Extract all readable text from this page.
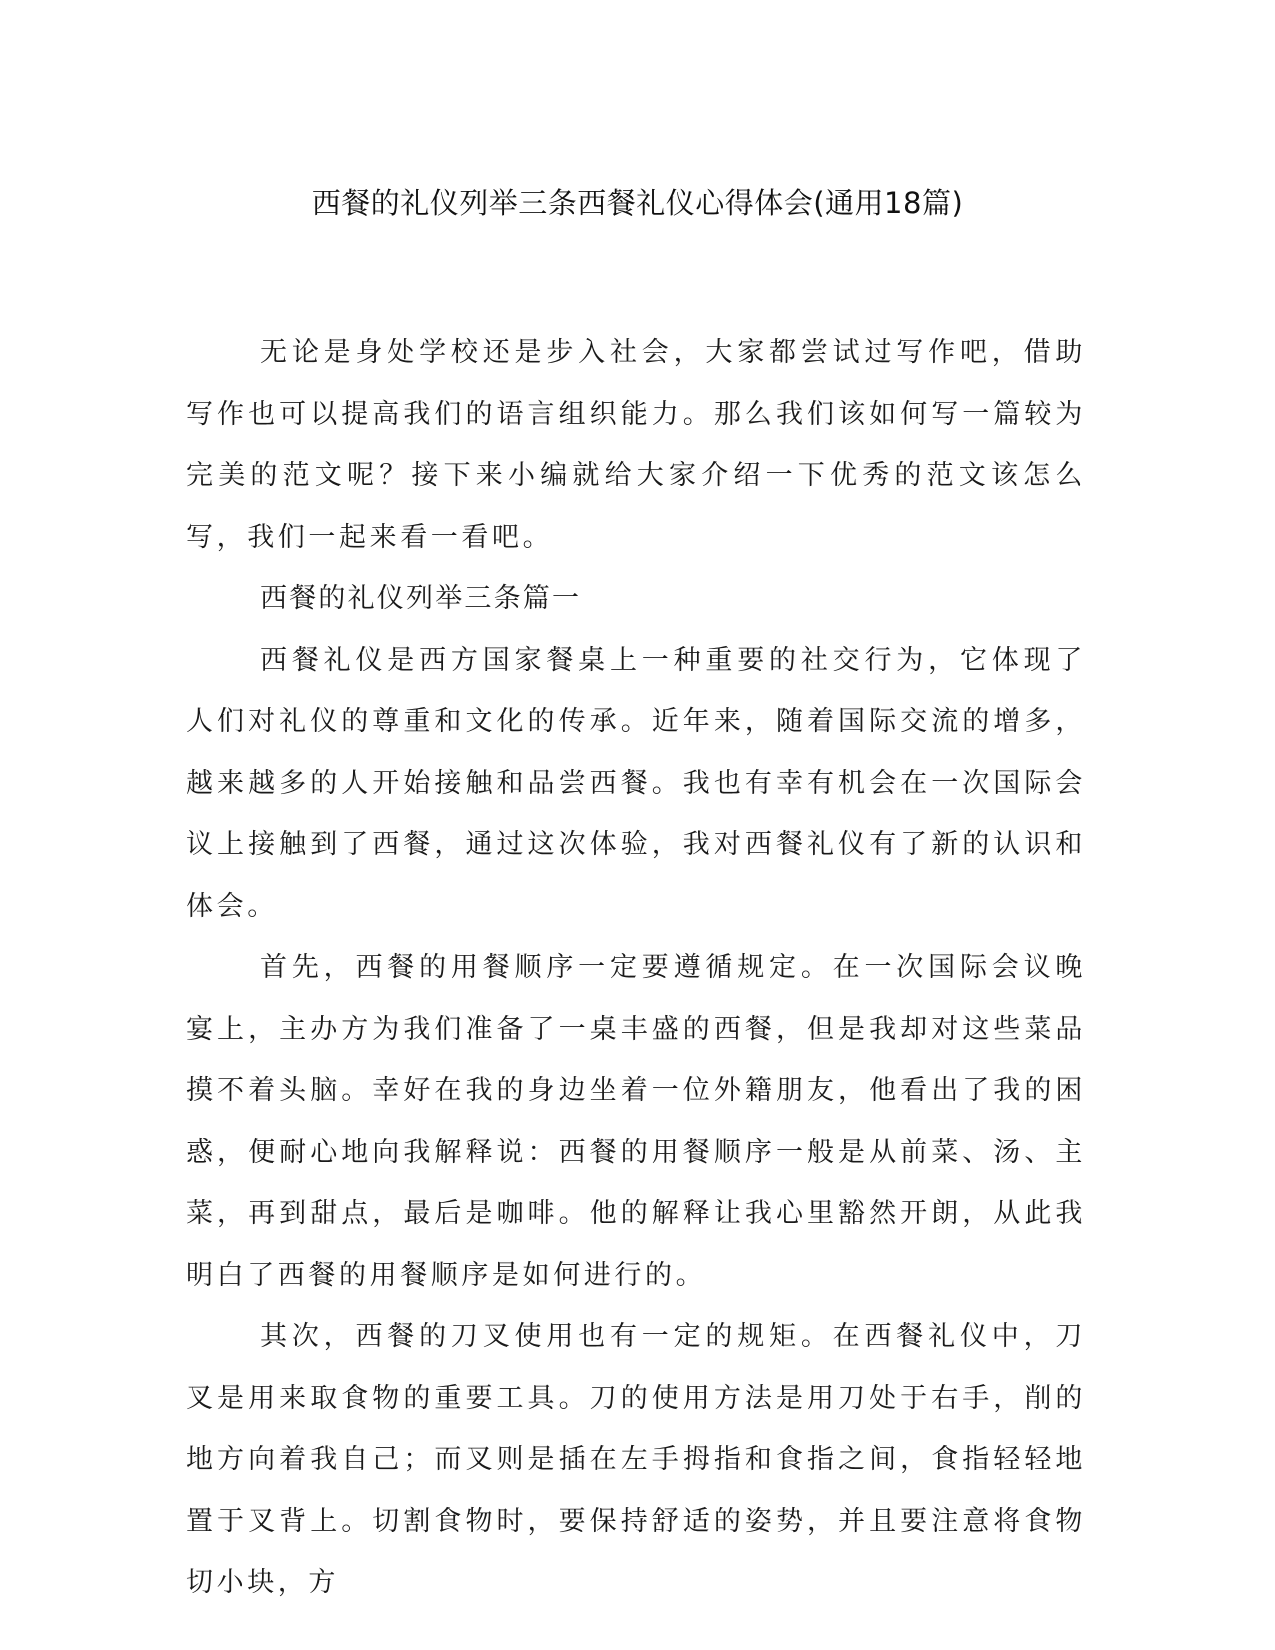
西餐的礼仪列举三条西餐礼仪心得体会(通用18篇)

无论是身处学校还是步入社会，大家都尝试过写作吧，借助写作也可以提高我们的语言组织能力。那么我们该如何写一篇较为完美的范文呢？接下来小编就给大家介绍一下优秀的范文该怎么写，我们一起来看一看吧。

西餐的礼仪列举三条篇一

西餐礼仪是西方国家餐桌上一种重要的社交行为，它体现了人们对礼仪的尊重和文化的传承。近年来，随着国际交流的增多，越来越多的人开始接触和品尝西餐。我也有幸有机会在一次国际会议上接触到了西餐，通过这次体验，我对西餐礼仪有了新的认识和体会。

首先，西餐的用餐顺序一定要遵循规定。在一次国际会议晚宴上，主办方为我们准备了一桌丰盛的西餐，但是我却对这些菜品摸不着头脑。幸好在我的身边坐着一位外籍朋友，他看出了我的困惑，便耐心地向我解释说：西餐的用餐顺序一般是从前菜、汤、主菜，再到甜点，最后是咖啡。他的解释让我心里豁然开朗，从此我明白了西餐的用餐顺序是如何进行的。

其次，西餐的刀叉使用也有一定的规矩。在西餐礼仪中，刀叉是用来取食物的重要工具。刀的使用方法是用刀处于右手，削的地方向着我自己；而叉则是插在左手拇指和食指之间，食指轻轻地置于叉背上。切割食物时，要保持舒适的姿势，并且要注意将食物切小块，方
